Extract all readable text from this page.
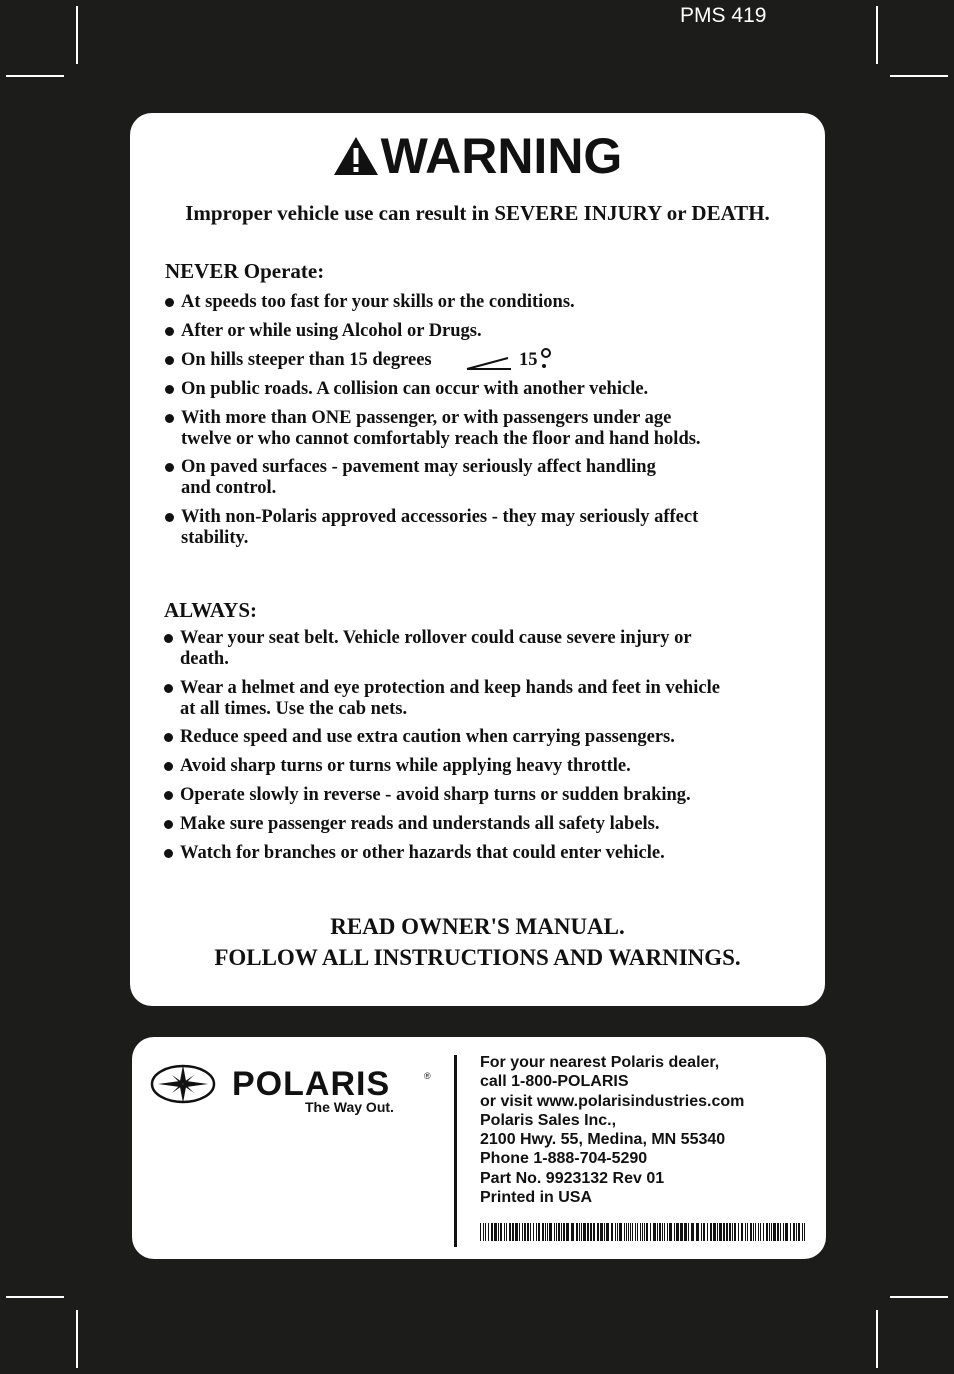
PMS 419
WARNING
Improper vehicle use can result in SEVERE INJURY or DEATH.
NEVER Operate:
At speeds too fast for your skills or the conditions.
After or while using Alcohol or Drugs.
On hills steeper than 15 degrees	15
On public roads. A collision can occur with another vehicle.
With more than ONE passenger, or with passengers under age
twelve or who cannot comfortably reach the floor and hand holds.
On paved surfaces - pavement may seriously affect handling
and control.
With non-Polaris approved accessories - they may seriously affect
stability.
ALWAYS:
Wear your seat belt. Vehicle rollover could cause severe injury or
death.
Wear a helmet and eye protection and keep hands and feet in vehicle
at all times. Use the cab nets.
Reduce speed and use extra caution when carrying passengers.
Avoid sharp turns or turns while applying heavy throttle.
Operate slowly in reverse - avoid sharp turns or sudden braking.
Make sure passenger reads and understands all safety labels.
Watch for branches or other hazards that could enter vehicle.
READ OWNER'S MANUAL.
FOLLOW ALL INSTRUCTIONS AND WARNINGS.
POLARIS	®
The Way Out.
For your nearest Polaris dealer,
call 1-800-POLARIS
or visit www.polarisindustries.com
Polaris Sales Inc.,
2100 Hwy. 55, Medina, MN 55340
Phone 1-888-704-5290
Part No. 9923132 Rev 01
Printed in USA
